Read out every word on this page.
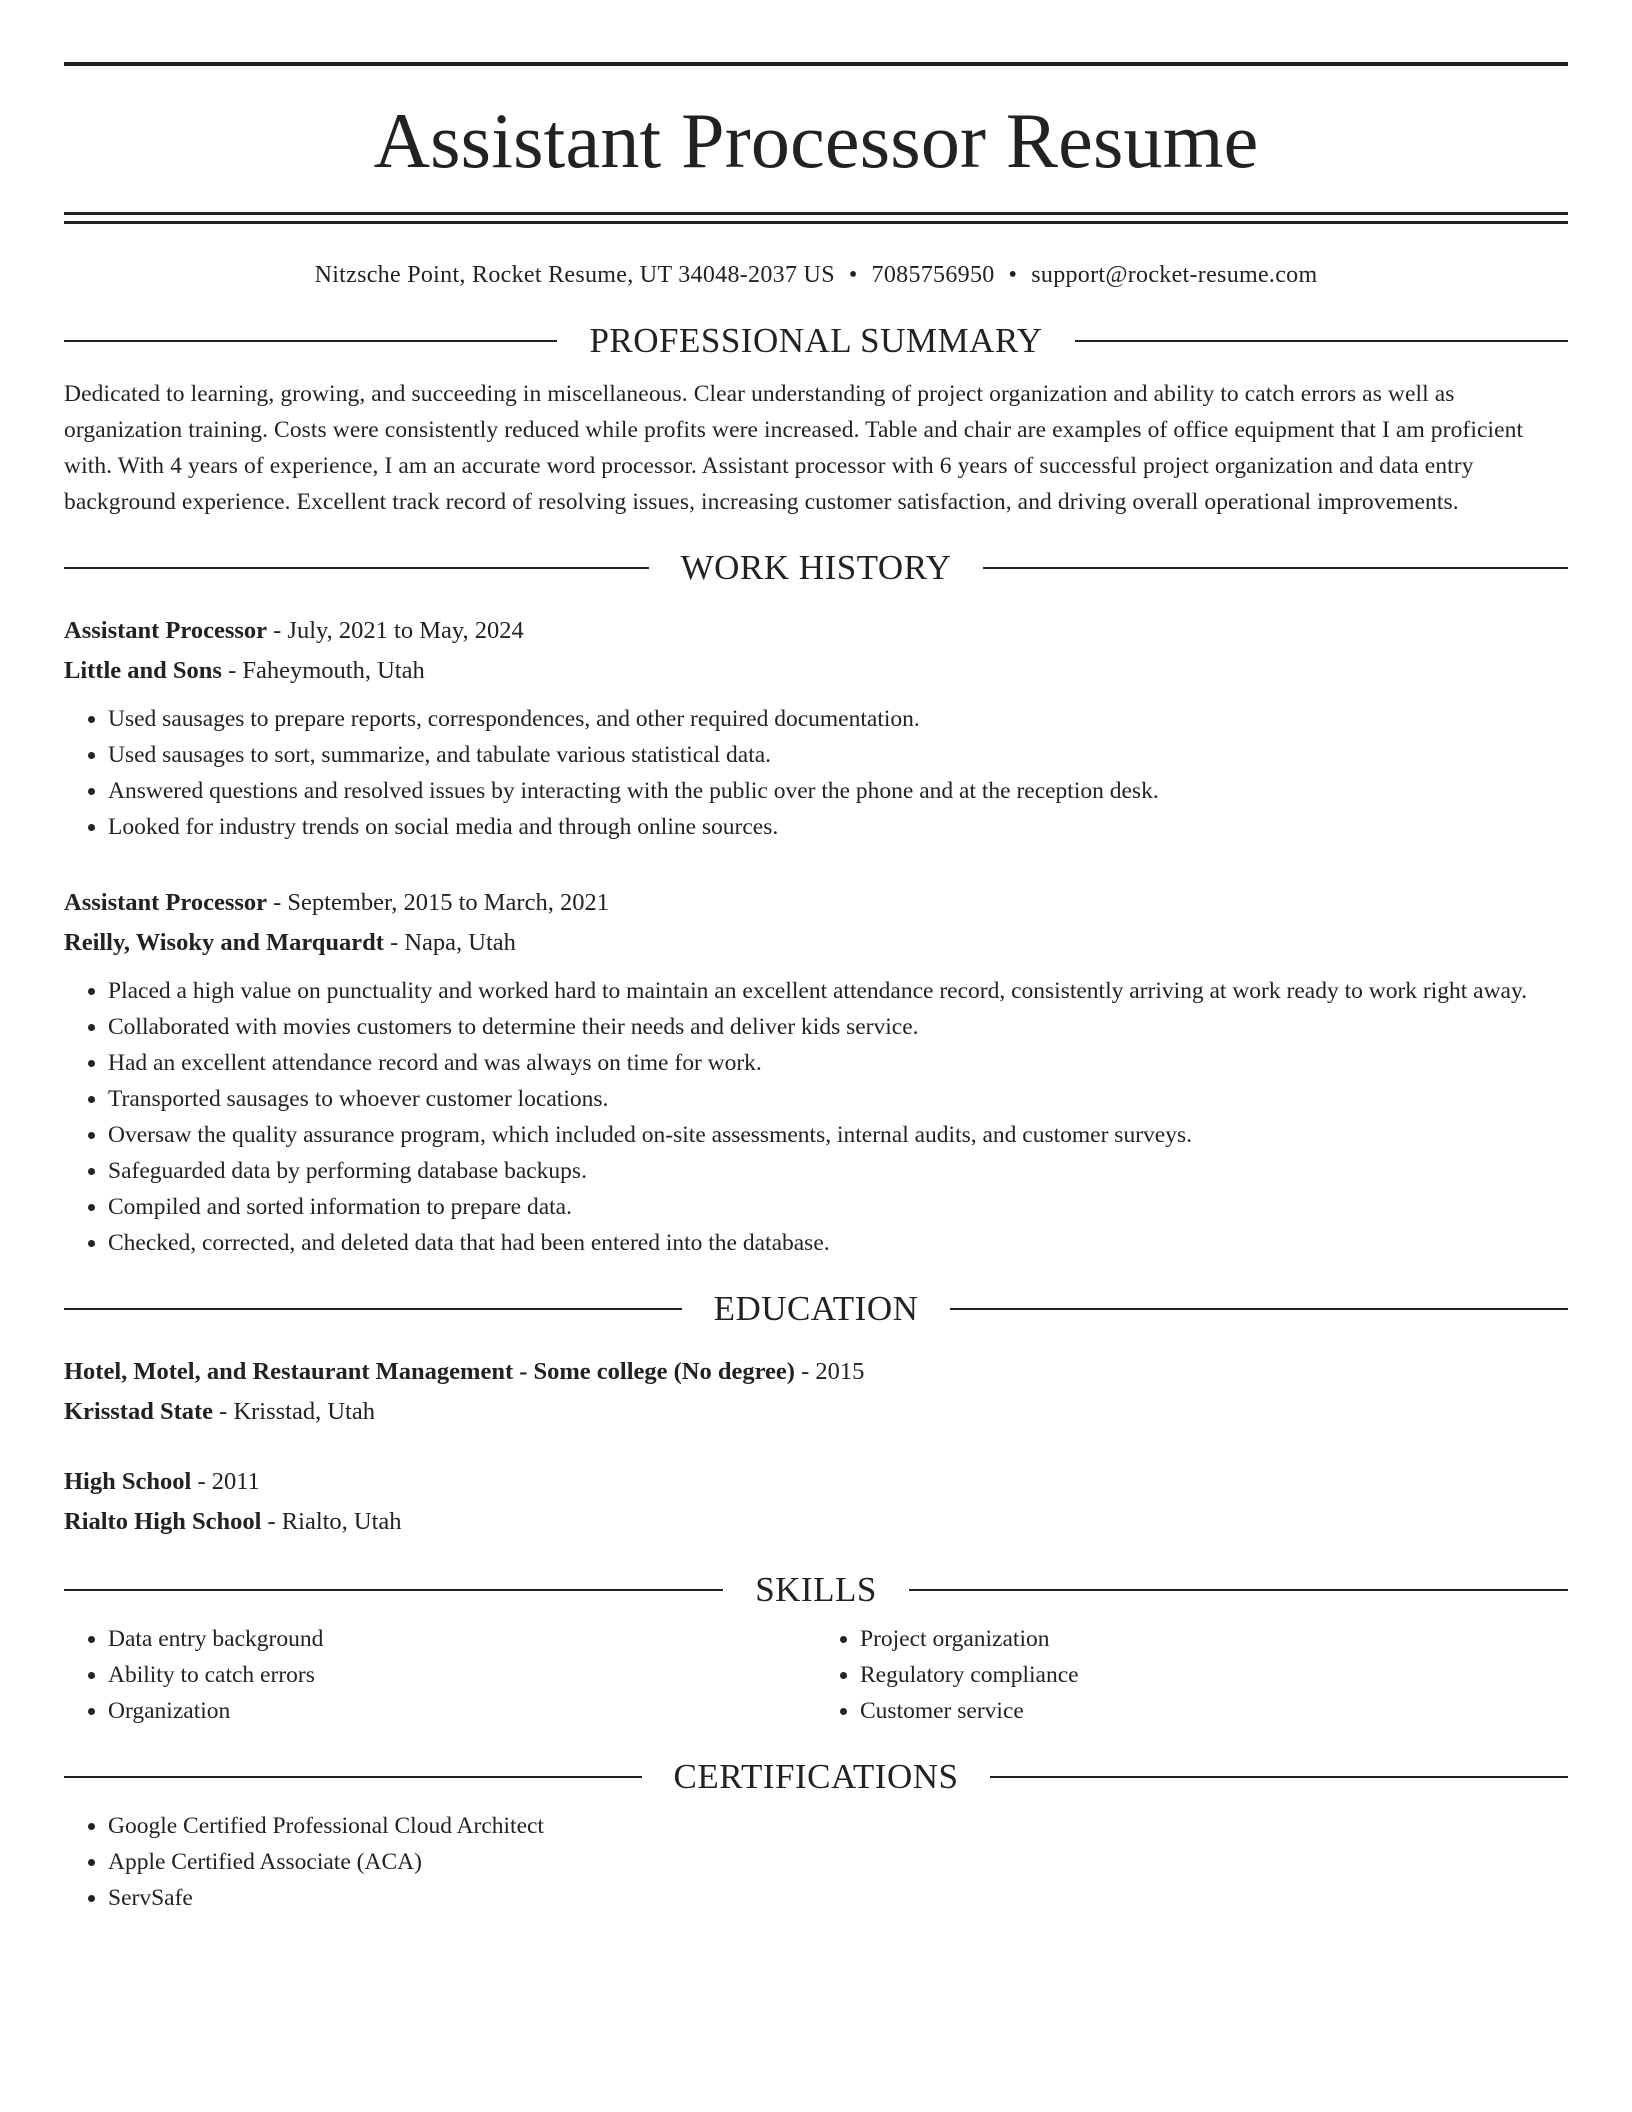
Assistant Processor Resume
Nitzsche Point, Rocket Resume, UT 34048-2037 US • 7085756950 • support@rocket-resume.com
PROFESSIONAL SUMMARY
Dedicated to learning, growing, and succeeding in miscellaneous. Clear understanding of project organization and ability to catch errors as well as organization training. Costs were consistently reduced while profits were increased. Table and chair are examples of office equipment that I am proficient with. With 4 years of experience, I am an accurate word processor. Assistant processor with 6 years of successful project organization and data entry background experience. Excellent track record of resolving issues, increasing customer satisfaction, and driving overall operational improvements.
WORK HISTORY
Assistant Processor - July, 2021 to May, 2024
Little and Sons - Faheymouth, Utah
• Used sausages to prepare reports, correspondences, and other required documentation.
• Used sausages to sort, summarize, and tabulate various statistical data.
• Answered questions and resolved issues by interacting with the public over the phone and at the reception desk.
• Looked for industry trends on social media and through online sources.
Assistant Processor - September, 2015 to March, 2021
Reilly, Wisoky and Marquardt - Napa, Utah
• Placed a high value on punctuality and worked hard to maintain an excellent attendance record, consistently arriving at work ready to work right away.
• Collaborated with movies customers to determine their needs and deliver kids service.
• Had an excellent attendance record and was always on time for work.
• Transported sausages to whoever customer locations.
• Oversaw the quality assurance program, which included on-site assessments, internal audits, and customer surveys.
• Safeguarded data by performing database backups.
• Compiled and sorted information to prepare data.
• Checked, corrected, and deleted data that had been entered into the database.
EDUCATION
Hotel, Motel, and Restaurant Management - Some college (No degree) - 2015
Krisstad State - Krisstad, Utah
High School - 2011
Rialto High School - Rialto, Utah
SKILLS
• Data entry background
• Ability to catch errors
• Organization
• Project organization
• Regulatory compliance
• Customer service
CERTIFICATIONS
• Google Certified Professional Cloud Architect
• Apple Certified Associate (ACA)
• ServSafe
